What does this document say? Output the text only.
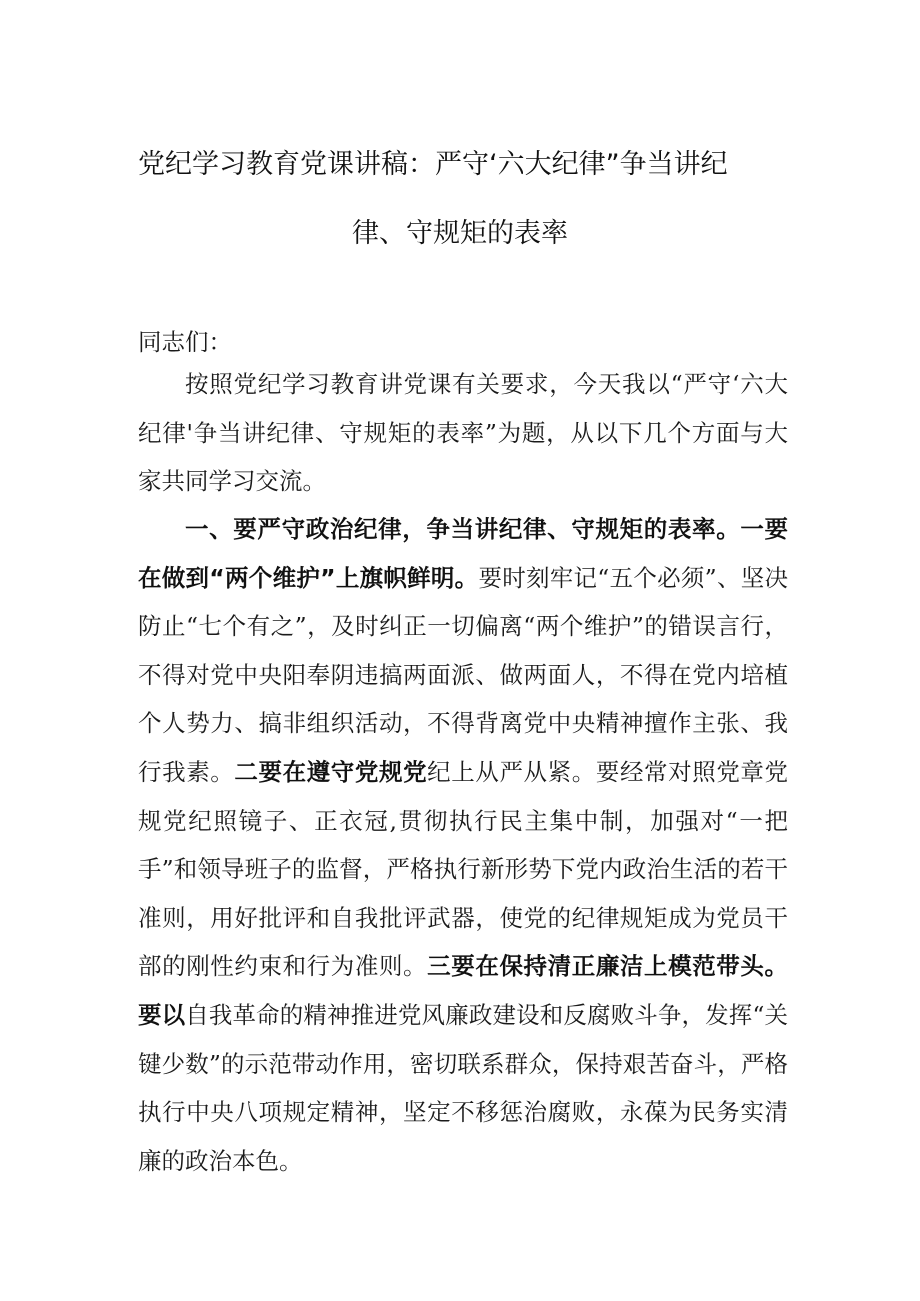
党纪学习教育党课讲稿：严守‘六大纪律”争当讲纪
律、守规矩的表率
同志们：
按照党纪学习教育讲党课有关要求，今天我以“严守‘六大纪律'争当讲纪律、守规矩的表率”为题，从以下几个方面与大家共同学习交流。
一、要严守政治纪律，争当讲纪律、守规矩的表率。一要在做到“两个维护”上旗帜鲜明。要时刻牢记“五个必须”、坚决防止“七个有之”，及时纠正一切偏离“两个维护”的错误言行，不得对党中央阳奉阴违搞两面派、做两面人，不得在党内培植个人势力、搞非组织活动，不得背离党中央精神擅作主张、我行我素。二要在遵守党规党纪上从严从紧。要经常对照党章党规党纪照镜子、正衣冠,贯彻执行民主集中制，加强对“一把手”和领导班子的监督，严格执行新形势下党内政治生活的若干准则，用好批评和自我批评武器，使党的纪律规矩成为党员干部的刚性约束和行为准则。三要在保持清正廉洁上模范带头。要以自我革命的精神推进党风廉政建设和反腐败斗争，发挥“关键少数”的示范带动作用，密切联系群众，保持艰苦奋斗，严格执行中央八项规定精神，坚定不移惩治腐败，永葆为民务实清廉的政治本色。
